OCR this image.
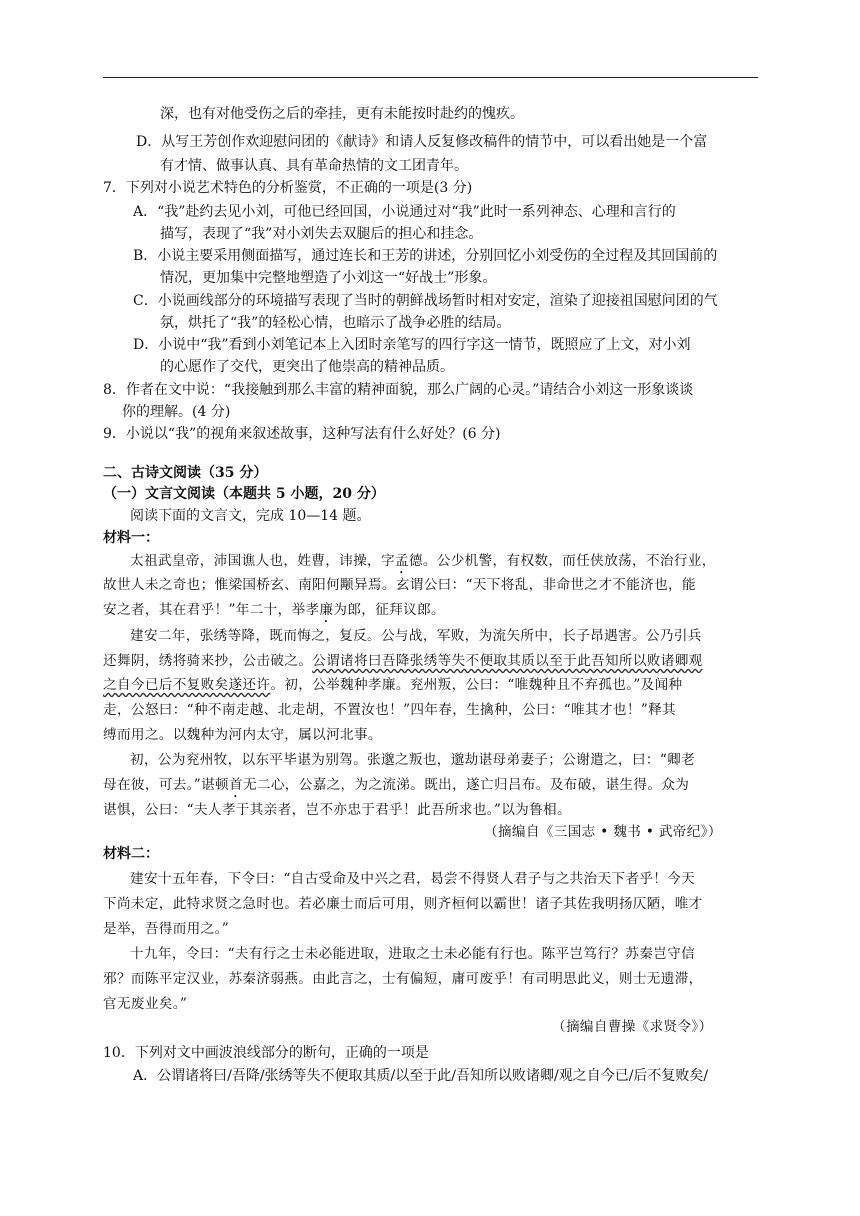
深，也有对他受伤之后的牵挂，更有未能按时赴约的愧疚。
D．从写王芳创作欢迎慰问团的《献诗》和请人反复修改稿件的情节中，可以看出她是一个富
有才情、做事认真、具有革命热情的文工团青年。
7．下列对小说艺术特色的分析鉴赏，不正确的一项是(3 分)
A．“我”赴约去见小刘，可他已经回国，小说通过对“我”此时一系列神态、心理和言行的
描写，表现了“我”对小刘失去双腿后的担心和挂念。
B．小说主要采用侧面描写，通过连长和王芳的讲述，分别回忆小刘受伤的全过程及其回国前的
情况，更加集中完整地塑造了小刘这一“好战士”形象。
C．小说画线部分的环境描写表现了当时的朝鲜战场暂时相对安定，渲染了迎接祖国慰问团的气
氛，烘托了“我”的轻松心情，也暗示了战争必胜的结局。
D．小说中“我”看到小刘笔记本上入团时亲笔写的四行字这一情节，既照应了上文，对小刘
的心愿作了交代，更突出了他崇高的精神品质。
8．作者在文中说：“我接触到那么丰富的精神面貌，那么广阔的心灵。”请结合小刘这一形象谈谈
你的理解。(4 分)
9．小说以“我”的视角来叙述故事，这种写法有什么好处？(6 分)
二、古诗文阅读（35 分）
（一）文言文阅读（本题共 5 小题，20 分）
阅读下面的文言文，完成 10—14 题。
材料一：
太祖武皇帝，沛国谯人也，姓曹，讳操，字孟德。公少机警，有权数，而任侠放荡，不治行业，
故世人未之奇也；惟梁国桥玄、南阳何颙异焉。玄谓公曰：“天下将乱，非命世之才不能济也，能
安之者，其在君乎！”年二十，举孝廉为郎，征拜议郎。
建安二年，张绣等降，既而悔之，复反。公与战，军败，为流矢所中，长子昂遇害。公乃引兵
还舞阴，绣将骑来抄，公击破之。公谓诸将曰吾降张绣等失不便取其质以至于此吾知所以败诸卿观
之自今已后不复败矣遂还许。初，公举魏种孝廉。兖州叛，公曰：“唯魏种且不弃孤也。”及闻种
走，公怒曰：“种不南走越、北走胡，不置汝也！”四年春，生擒种，公曰：“唯其才也！”释其
缚而用之。以魏种为河内太守，属以河北事。
初，公为兖州牧，以东平毕谌为别驾。张邈之叛也，邈劫谌母弟妻子；公谢遣之，曰：“卿老
母在彼，可去。”谌顿首无二心，公嘉之，为之流涕。既出，遂亡归吕布。及布破，谌生得。众为
谌惧，公曰：“夫人孝于其亲者，岂不亦忠于君乎！此吾所求也。”以为鲁相。
（摘编自《三国志 • 魏书 • 武帝纪》）
材料二：
建安十五年春，下令曰：“自古受命及中兴之君，曷尝不得贤人君子与之共治天下者乎！今天
下尚未定，此特求贤之急时也。若必廉士而后可用，则齐桓何以霸世！诸子其佐我明扬仄陋，唯才
是举，吾得而用之。”
十九年，令曰：“夫有行之士未必能进取，进取之士未必能有行也。陈平岂笃行？苏秦岂守信
邪？而陈平定汉业，苏秦济弱燕。由此言之，士有偏短，庸可废乎！有司明思此义，则士无遗滞，
官无废业矣。”
（摘编自曹操《求贤令》）
10．下列对文中画波浪线部分的断句，正确的一项是
A．公谓诸将曰/吾降/张绣等失不便取其质/以至于此/吾知所以败诸卿/观之自今已/后不复败矣/
